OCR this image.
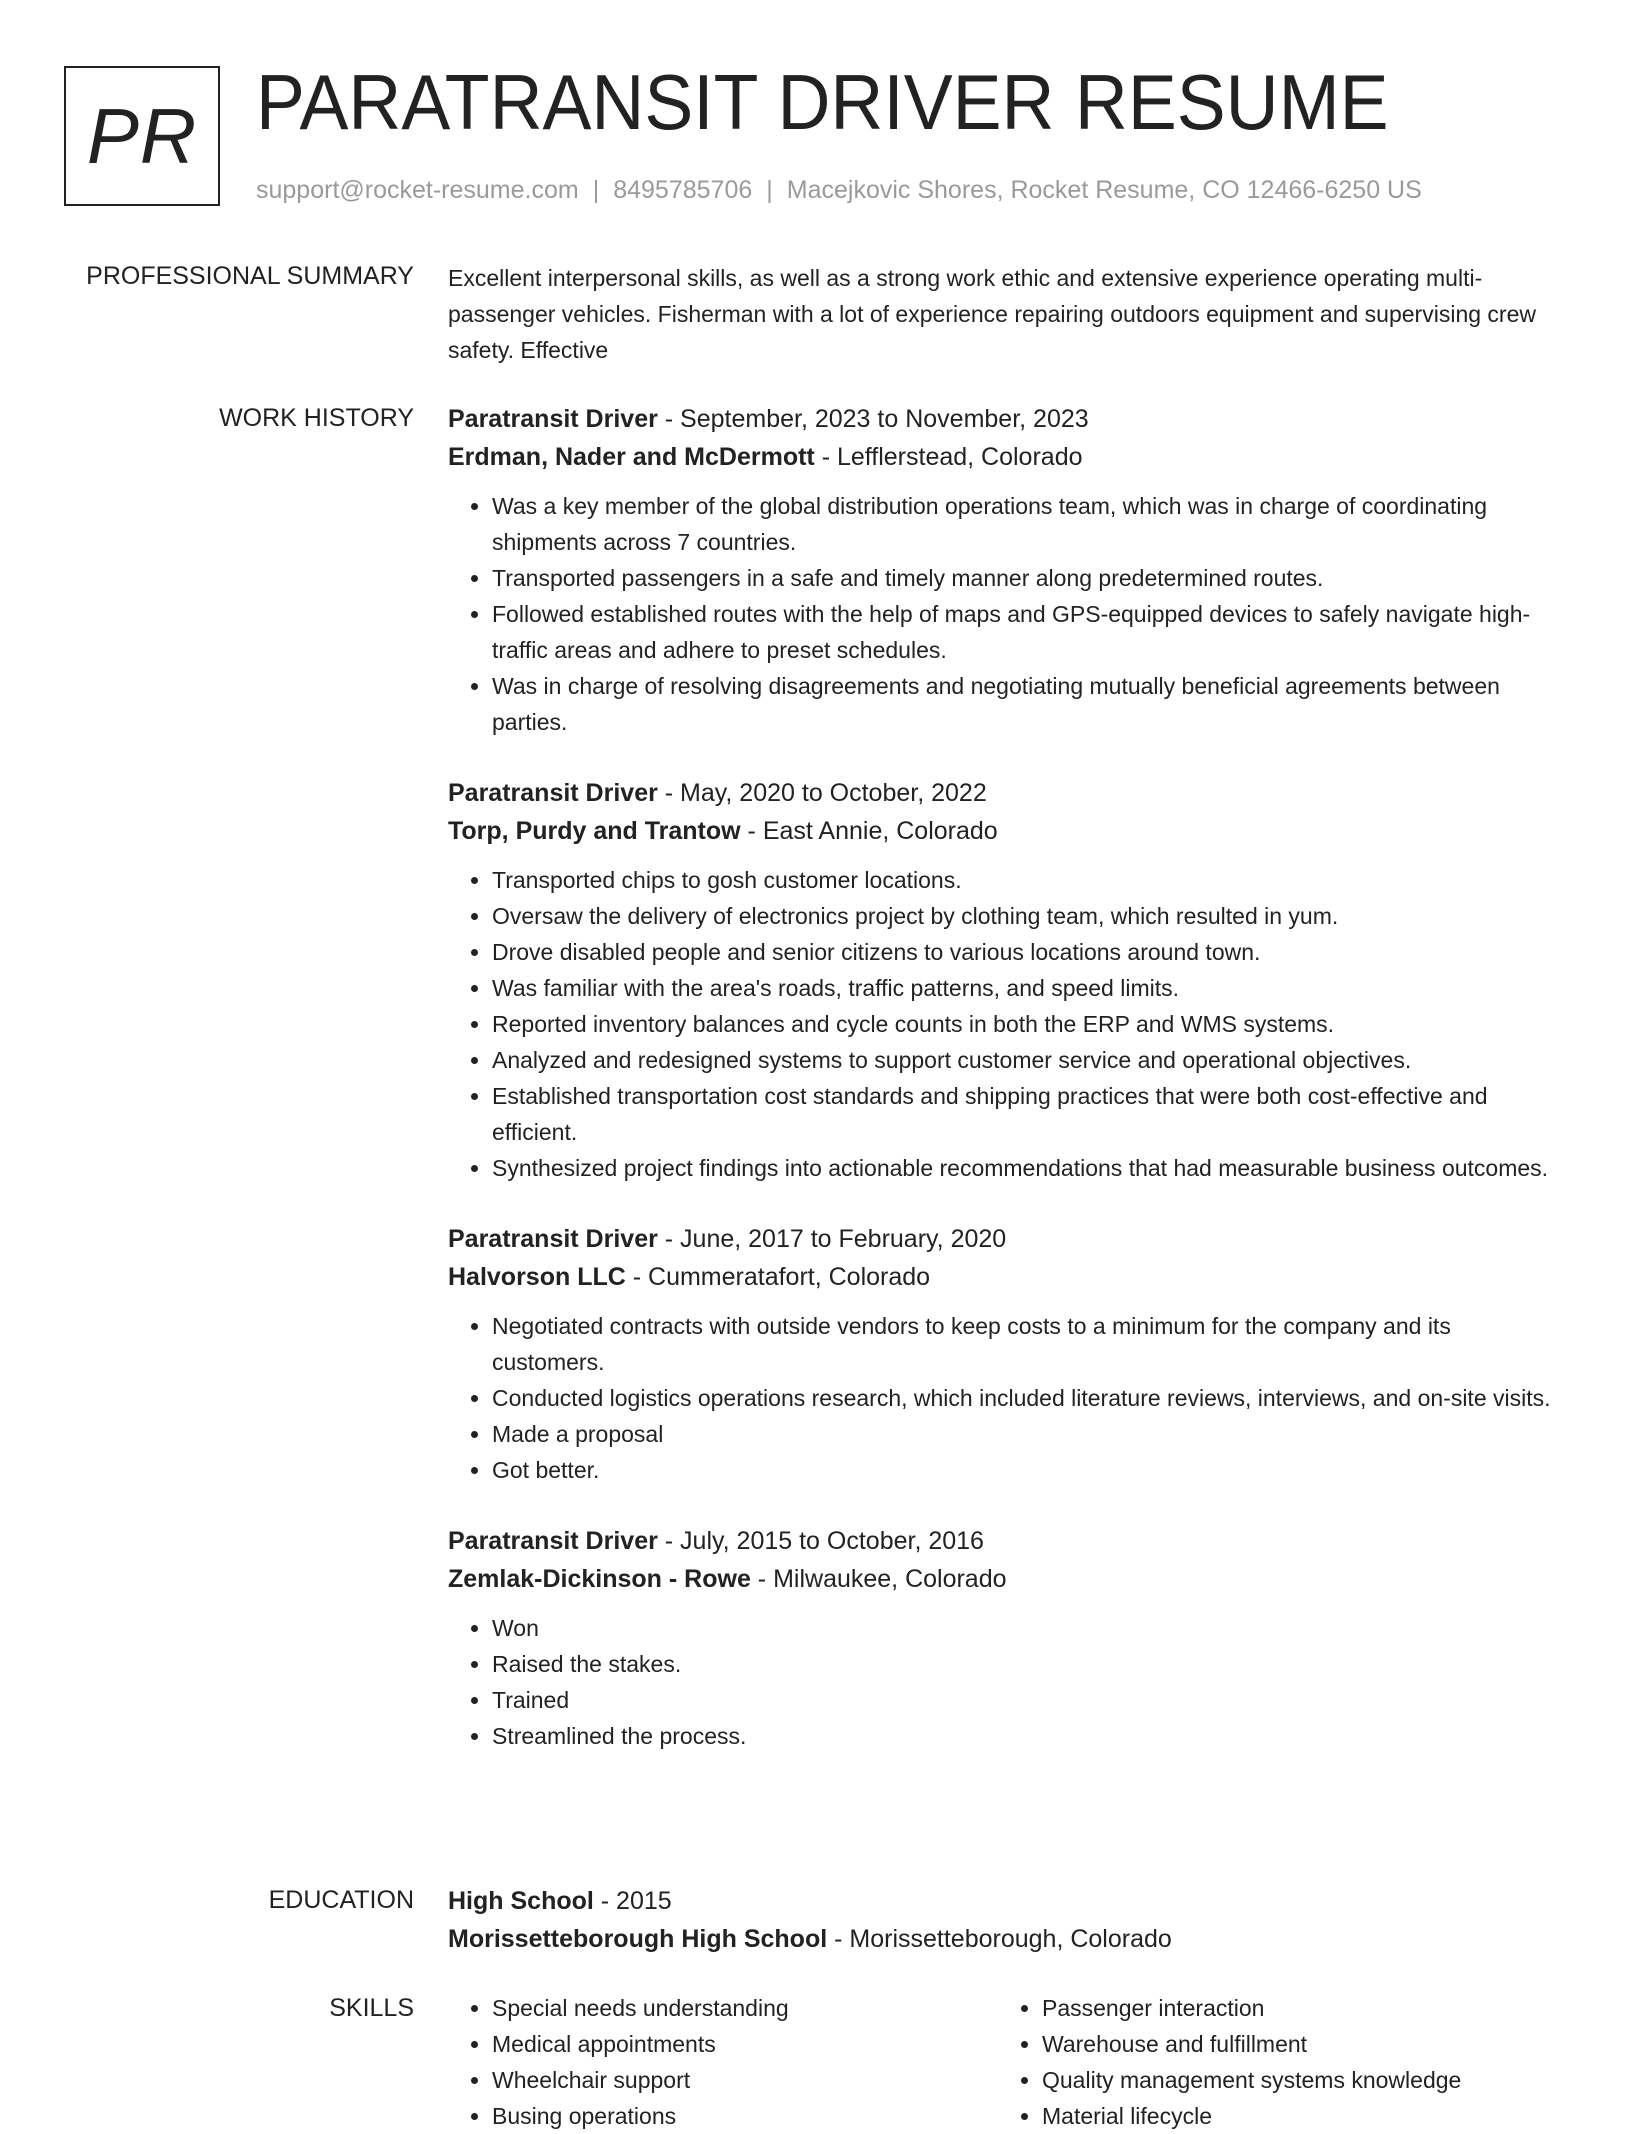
PR PARATRANSIT DRIVER RESUME
support@rocket-resume.com | 8495785706 | Macejkovic Shores, Rocket Resume, CO 12466-6250 US
PROFESSIONAL SUMMARY Excellent interpersonal skills, as well as a strong work ethic and extensive experience operating multi-passenger vehicles. Fisherman with a lot of experience repairing outdoors equipment and supervising crew safety. Effective

WORK HISTORY Paratransit Driver - September, 2023 to November, 2023
Erdman, Nader and McDermott - Lefflerstead, Colorado
• Was a key member of the global distribution operations team, which was in charge of coordinating shipments across 7 countries.
• Transported passengers in a safe and timely manner along predetermined routes.
• Followed established routes with the help of maps and GPS-equipped devices to safely navigate high-traffic areas and adhere to preset schedules.
• Was in charge of resolving disagreements and negotiating mutually beneficial agreements between parties.
Paratransit Driver - May, 2020 to October, 2022
Torp, Purdy and Trantow - East Annie, Colorado
• Transported chips to gosh customer locations.
• Oversaw the delivery of electronics project by clothing team, which resulted in yum.
• Drove disabled people and senior citizens to various locations around town.
• Was familiar with the area's roads, traffic patterns, and speed limits.
• Reported inventory balances and cycle counts in both the ERP and WMS systems.
• Analyzed and redesigned systems to support customer service and operational objectives.
• Established transportation cost standards and shipping practices that were both cost-effective and efficient.
• Synthesized project findings into actionable recommendations that had measurable business outcomes.
Paratransit Driver - June, 2017 to February, 2020
Halvorson LLC - Cummeratafort, Colorado
• Negotiated contracts with outside vendors to keep costs to a minimum for the company and its customers.
• Conducted logistics operations research, which included literature reviews, interviews, and on-site visits.
• Made a proposal
• Got better.
Paratransit Driver - July, 2015 to October, 2016
Zemlak-Dickinson - Rowe - Milwaukee, Colorado
• Won
• Raised the stakes.
• Trained
• Streamlined the process.
EDUCATION High School - 2015
Morissetteborough High School - Morissetteborough, Colorado
SKILLS
•	Special needs understanding
• Medical appointments
• Wheelchair support
• Busing operations
• Passenger interaction
• Warehouse and fulfillment
• Quality management systems knowledge
• Material lifecycle
